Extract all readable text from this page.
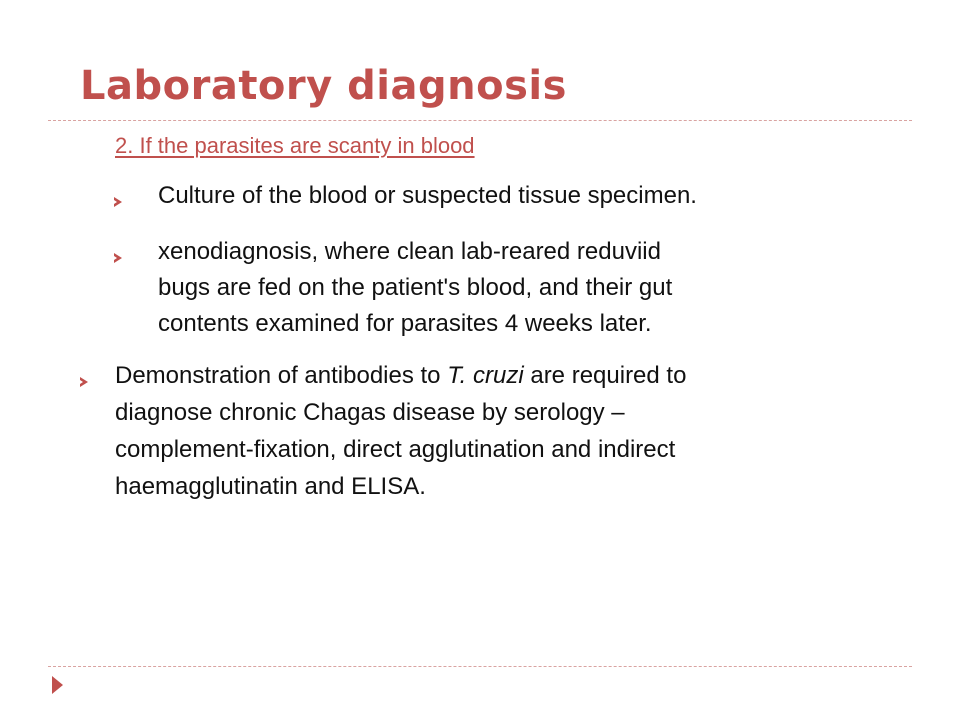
Laboratory diagnosis
2. If the parasites are scanty in blood
Culture of the blood or suspected tissue specimen.
xenodiagnosis, where clean lab-reared reduviid
bugs are fed on the patient's blood, and their gut
contents examined for parasites 4 weeks later.
Demonstration of antibodies to T. cruzi are required to
diagnose chronic Chagas disease by serology –
complement-fixation, direct agglutination and indirect
haemagglutinatin and ELISA.
